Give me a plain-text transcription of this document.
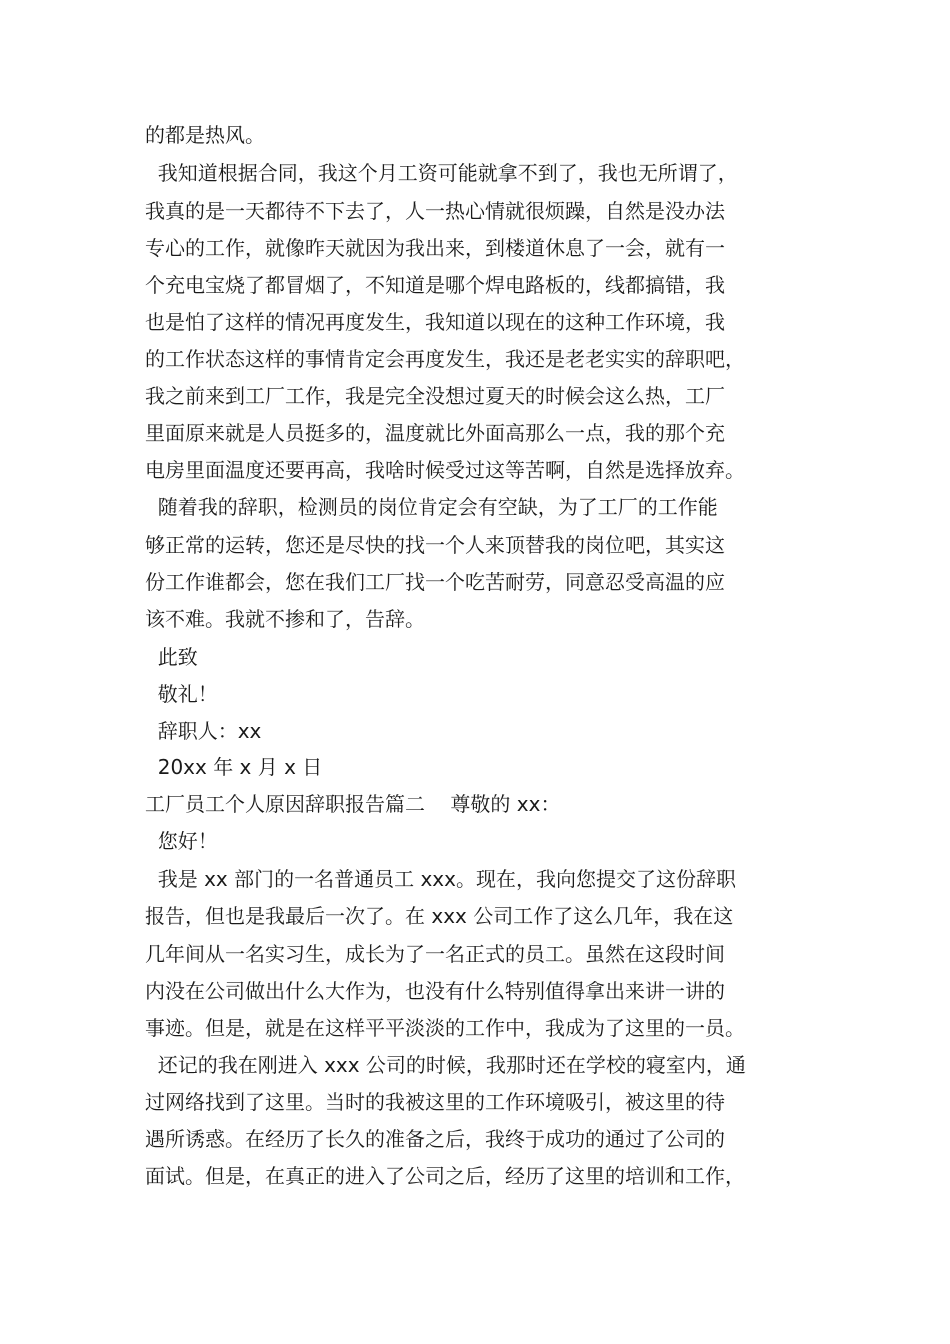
的都是热风。
我知道根据合同，我这个月工资可能就拿不到了，我也无所谓了，
我真的是一天都待不下去了，人一热心情就很烦躁，自然是没办法
专心的工作，就像昨天就因为我出来，到楼道休息了一会，就有一
个充电宝烧了都冒烟了，不知道是哪个焊电路板的，线都搞错，我
也是怕了这样的情况再度发生，我知道以现在的这种工作环境，我
的工作状态这样的事情肯定会再度发生，我还是老老实实的辞职吧，
我之前来到工厂工作，我是完全没想过夏天的时候会这么热，工厂
里面原来就是人员挺多的，温度就比外面高那么一点，我的那个充
电房里面温度还要再高，我啥时候受过这等苦啊，自然是选择放弃。
随着我的辞职，检测员的岗位肯定会有空缺，为了工厂的工作能
够正常的运转，您还是尽快的找一个人来顶替我的岗位吧，其实这
份工作谁都会，您在我们工厂找一个吃苦耐劳，同意忍受高温的应
该不难。我就不掺和了，告辞。
此致
敬礼！
辞职人：xx
20xx 年 x 月 x 日
工厂员工个人原因辞职报告篇二    尊敬的 xx：
您好！
我是 xx 部门的一名普通员工 xxx。现在，我向您提交了这份辞职
报告，但也是我最后一次了。在 xxx 公司工作了这么几年，我在这
几年间从一名实习生，成长为了一名正式的员工。虽然在这段时间
内没在公司做出什么大作为，也没有什么特别值得拿出来讲一讲的
事迹。但是，就是在这样平平淡淡的工作中，我成为了这里的一员。
还记的我在刚进入 xxx 公司的时候，我那时还在学校的寝室内，通
过网络找到了这里。当时的我被这里的工作环境吸引，被这里的待
遇所诱惑。在经历了长久的准备之后，我终于成功的通过了公司的
面试。但是，在真正的进入了公司之后，经历了这里的培训和工作，
